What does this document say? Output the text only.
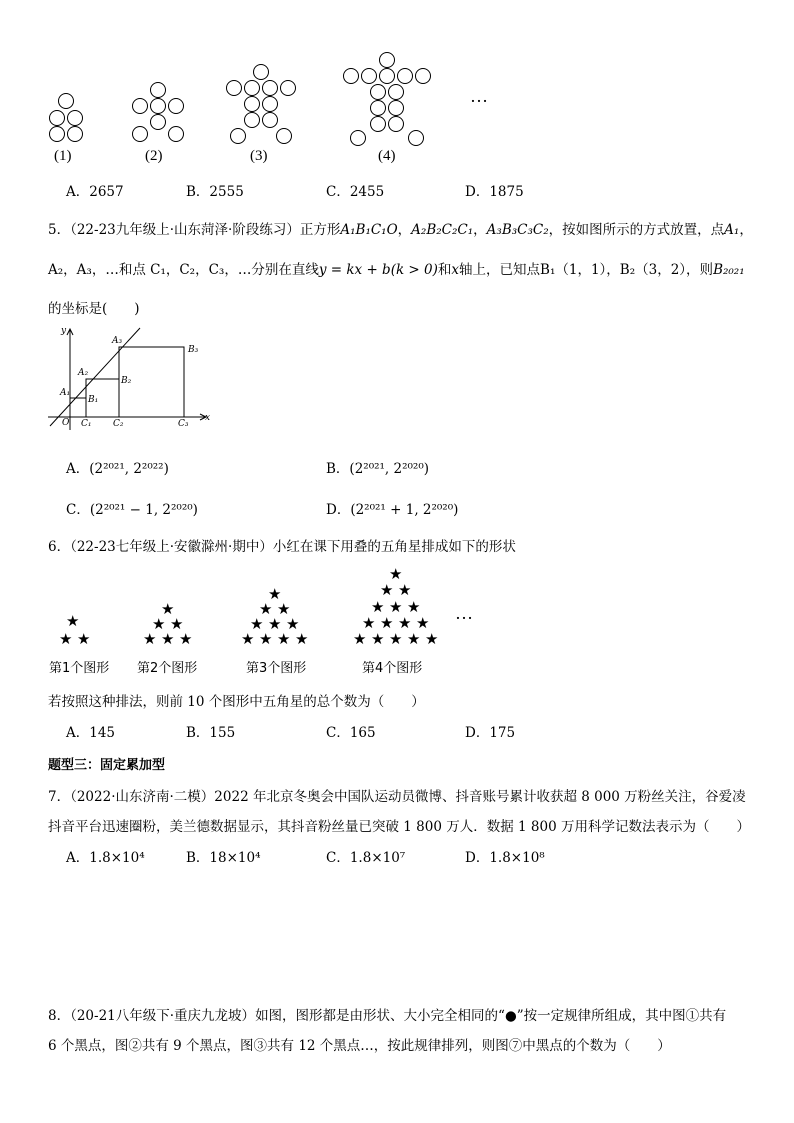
(1)	(2)	(3)	(4)
…
A．2657	B．2555	C．2455	D．1875
5．（22-23九年级上·山东菏泽·阶段练习）正方形A₁B₁C₁O，A₂B₂C₂C₁，A₃B₃C₃C₂，按如图所示的方式放置，点A₁，
A₂，A₃，…和点 C₁，C₂，C₃，…分别在直线y = kx + b(k > 0)和x轴上，已知点B₁（1，1），B₂（3，2），则B₂₀₂₁
的坐标是(　　)
y
x
O
A₁
A₂
A₃
B₁
B₂
B₃
C₁ C₂	C₃
A．(2²⁰²¹, 2²⁰²²)	B．(2²⁰²¹, 2²⁰²⁰)
C．(2²⁰²¹ − 1, 2²⁰²⁰)	D．(2²⁰²¹ + 1, 2²⁰²⁰)
6．（22-23七年级上·安徽滁州·期中）小红在课下用叠的五角星排成如下的形状
★
★ ★
★
★ ★
★ ★ ★
★
★ ★
★ ★ ★
★ ★ ★ ★
★
★ ★
★ ★ ★
★ ★ ★ ★
★ ★ ★ ★ ★
…
第1个图形 第2个图形	第3个图形	第4个图形
若按照这种排法，则前 10 个图形中五角星的总个数为（　　）
A．145	B．155	C．165	D．175
题型三：固定累加型
7．（2022·山东济南·二模）2022 年北京冬奥会中国队运动员微博、抖音账号累计收获超 8 000 万粉丝关注，谷爱凌
抖音平台迅速圈粉，美兰德数据显示，其抖音粉丝量已突破 1 800 万人．数据 1 800 万用科学记数法表示为（　　）
A．1.8×10⁴	B．18×10⁴	C．1.8×10⁷	D．1.8×10⁸
8．（20-21八年级下·重庆九龙坡）如图，图形都是由形状、大小完全相同的“●”按一定规律所组成，其中图①共有
6 个黑点，图②共有 9 个黑点，图③共有 12 个黑点…，按此规律排列，则图⑦中黑点的个数为（　　）
